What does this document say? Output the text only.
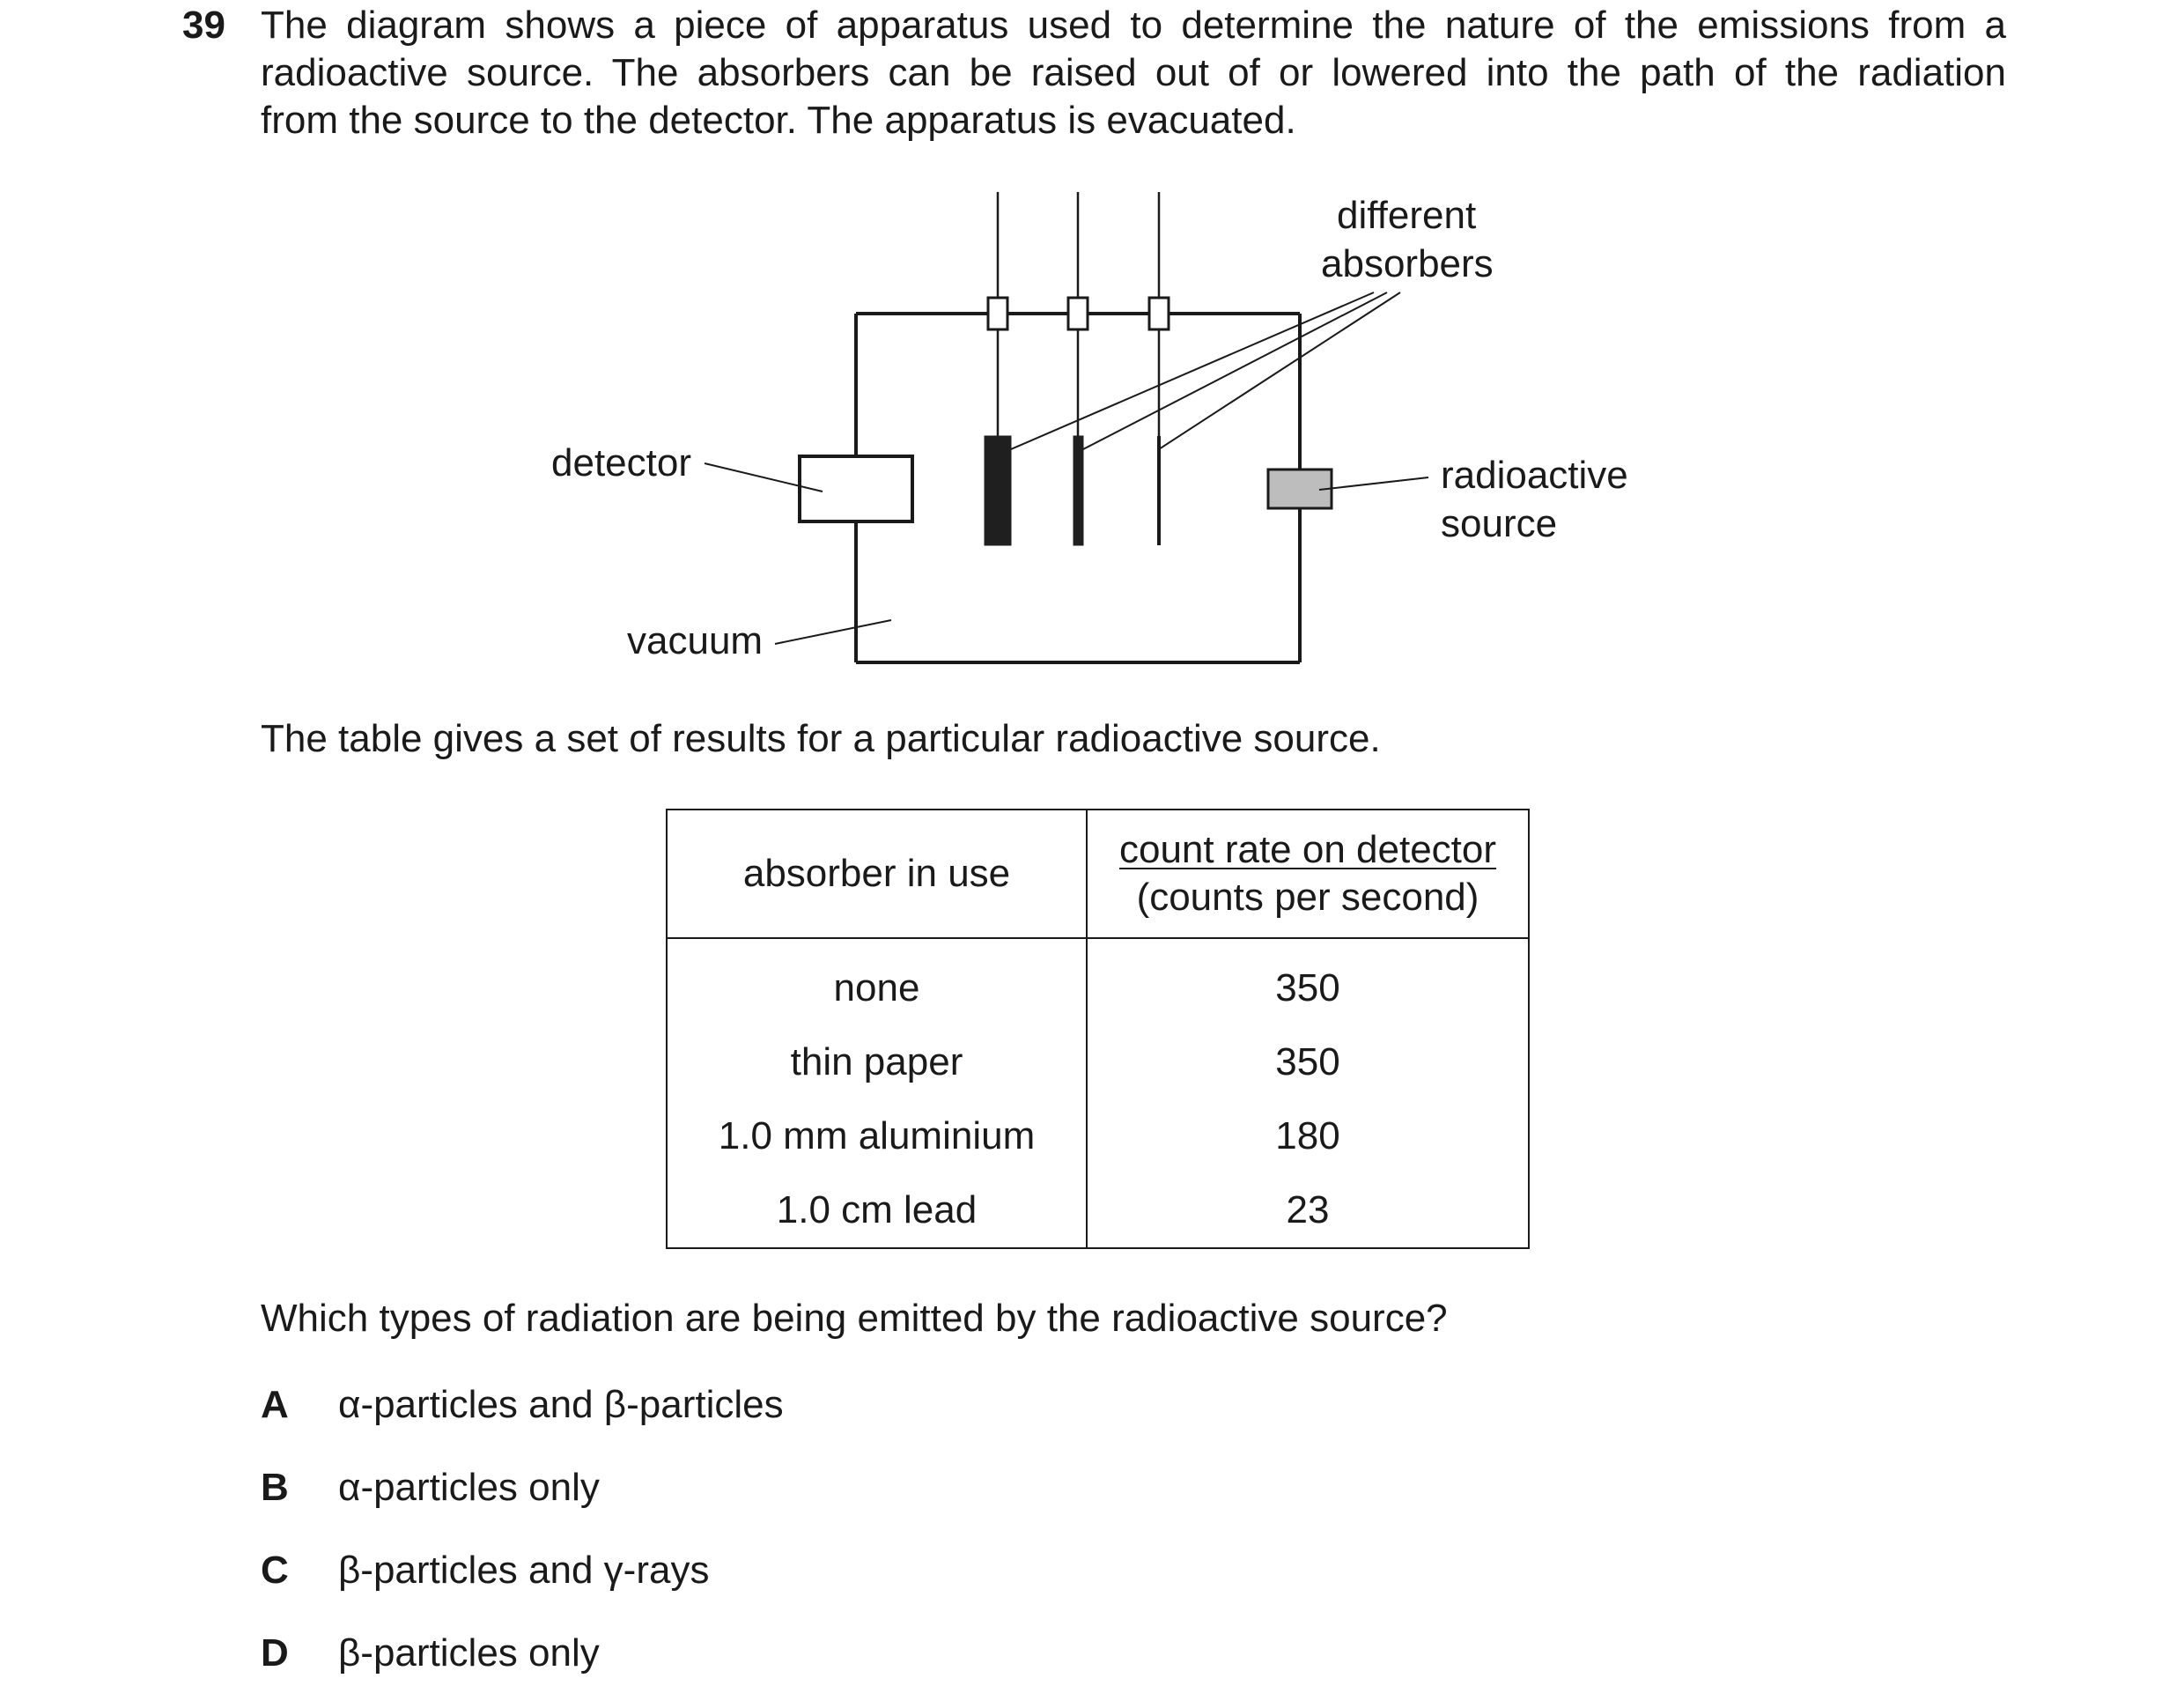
39 The diagram shows a piece of apparatus used to determine the nature of the emissions from a
radioactive source. The absorbers can be raised out of or lowered into the path of the radiation
from the source to the detector. The apparatus is evacuated.
detector
vacuum
different
absorbers
radioactive
source
The table gives a set of results for a particular radioactive source.
absorber in use	count rate on detector
(counts per second)
none	350
thin paper	350
1.0 mm aluminium	180
1.0 cm lead	23
Which types of radiation are being emitted by the radioactive source?
A α-particles and β-particles
B α-particles only
C β-particles and γ-rays
D β-particles only
